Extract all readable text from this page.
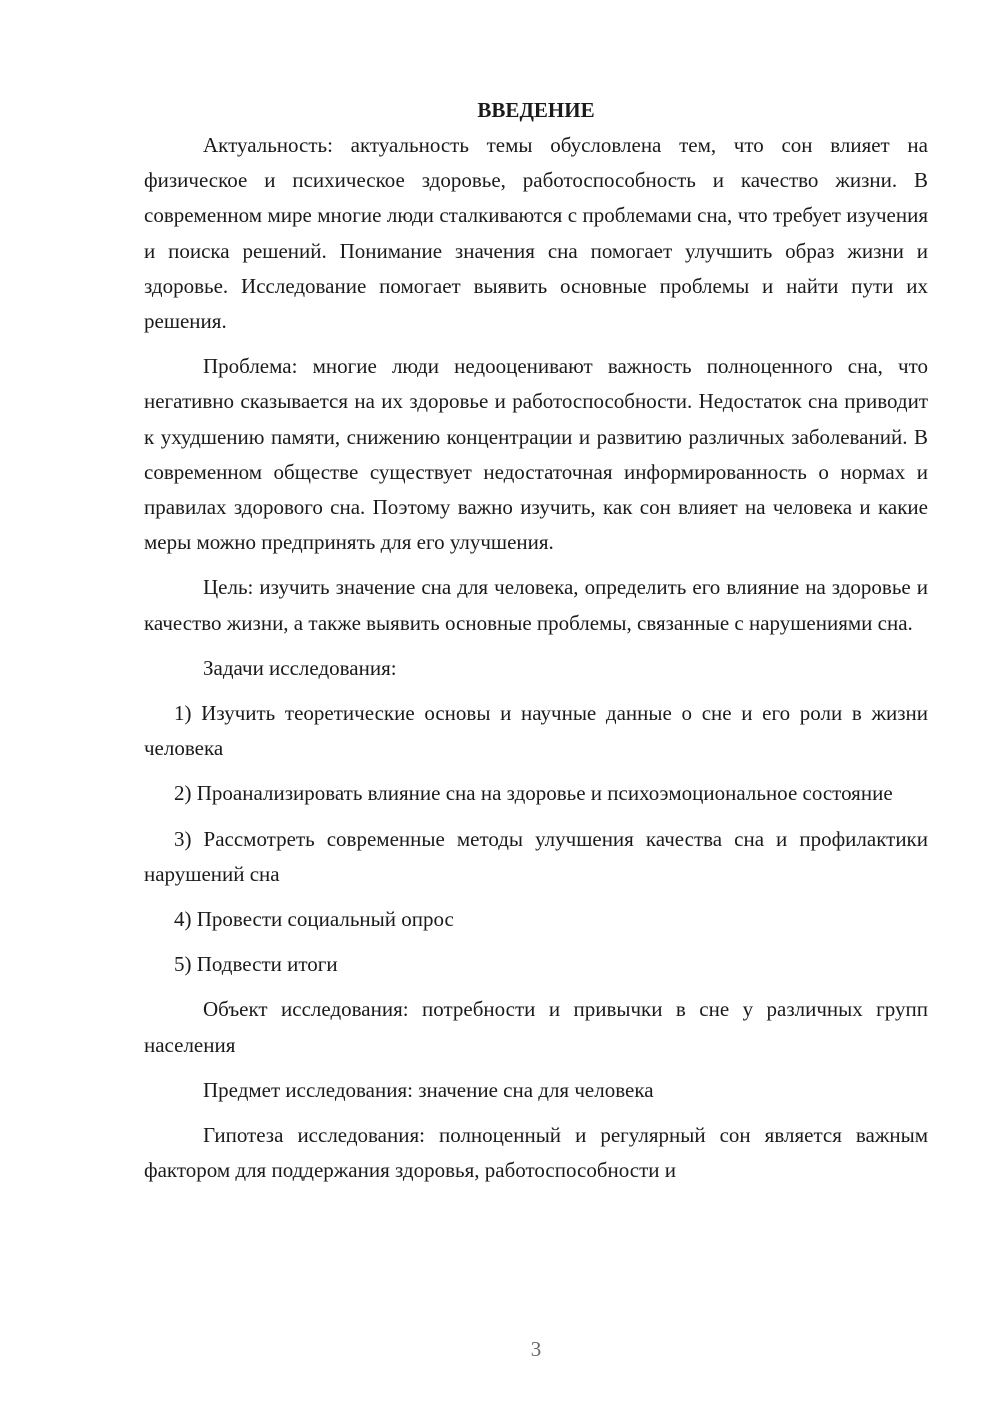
ВВЕДЕНИЕ

Актуальность: актуальность темы обусловлена тем, что сон влияет на физическое и психическое здоровье, работоспособность и качество жизни. В современном мире многие люди сталкиваются с проблемами сна, что требует изучения и поиска решений. Понимание значения сна помогает улучшить образ жизни и здоровье. Исследование помогает выявить основные проблемы и найти пути их решения.

Проблема: многие люди недооценивают важность полноценного сна, что негативно сказывается на их здоровье и работоспособности. Недостаток сна приводит к ухудшению памяти, снижению концентрации и развитию различных заболеваний. В современном обществе существует недостаточная информированность о нормах и правилах здорового сна. Поэтому важно изучить, как сон влияет на человека и какие меры можно предпринять для его улучшения.

Цель: изучить значение сна для человека, определить его влияние на здоровье и качество жизни, а также выявить основные проблемы, связанные с нарушениями сна.

Задачи исследования:

1) Изучить теоретические основы и научные данные о сне и его роли в жизни человека

2) Проанализировать влияние сна на здоровье и психоэмоциональное состояние

3) Рассмотреть современные методы улучшения качества сна и профилактики нарушений сна

4) Провести социальный опрос

5) Подвести итоги

Объект исследования: потребности и привычки в сне у различных групп населения

Предмет исследования: значение сна для человека

Гипотеза исследования: полноценный и регулярный сон является важным фактором для поддержания здоровья, работоспособности и

3
